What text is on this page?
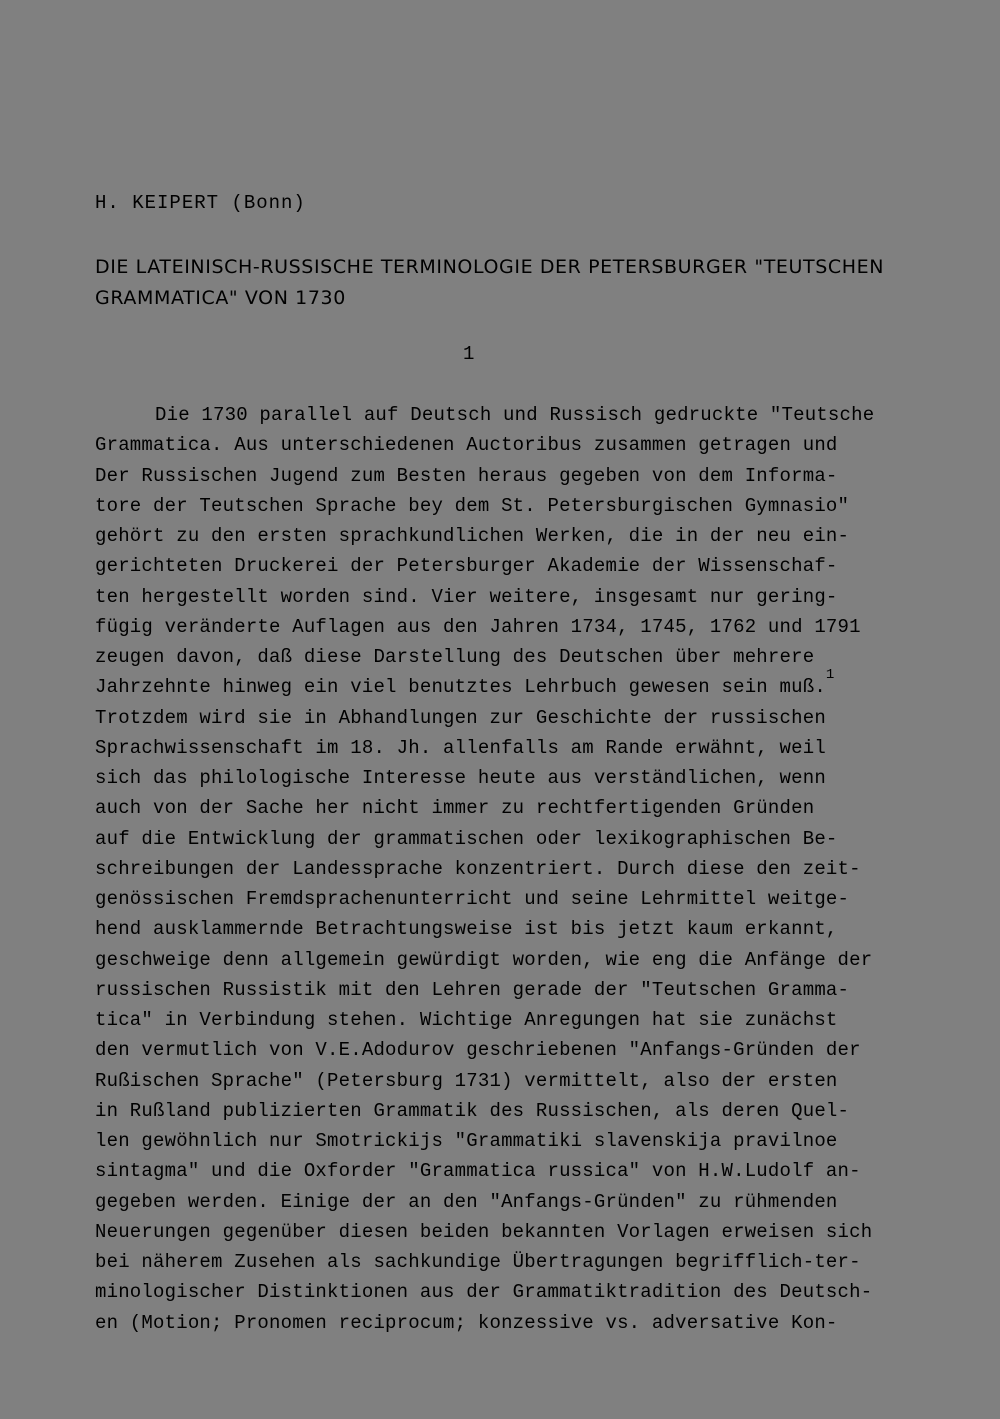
H. KEIPERT (Bonn)
DIE LATEINISCH-RUSSISCHE TERMINOLOGIE DER PETERSBURGER "TEUTSCHEN
GRAMMATICA" VON 1730
1
Die 1730 parallel auf Deutsch und Russisch gedruckte "Teutsche
Grammatica. Aus unterschiedenen Auctoribus zusammen getragen und
Der Russischen Jugend zum Besten heraus gegeben von dem Informa-
tore der Teutschen Sprache bey dem St. Petersburgischen Gymnasio"
gehört zu den ersten sprachkundlichen Werken, die in der neu ein-
gerichteten Druckerei der Petersburger Akademie der Wissenschaf-
ten hergestellt worden sind. Vier weitere, insgesamt nur gering-
fügig veränderte Auflagen aus den Jahren 1734, 1745, 1762 und 1791
zeugen davon, daß diese Darstellung des Deutschen über mehrere
Jahrzehnte hinweg ein viel benutztes Lehrbuch gewesen sein muß.$^1$
Trotzdem wird sie in Abhandlungen zur Geschichte der russischen
Sprachwissenschaft im 18. Jh. allenfalls am Rande erwähnt, weil
sich das philologische Interesse heute aus verständlichen, wenn
auch von der Sache her nicht immer zu rechtfertigenden Gründen
auf die Entwicklung der grammatischen oder lexikographischen Be-
schreibungen der Landessprache konzentriert. Durch diese den zeit-
genössischen Fremdsprachenunterricht und seine Lehrmittel weitge-
hend ausklammernde Betrachtungsweise ist bis jetzt kaum erkannt,
geschweige denn allgemein gewürdigt worden, wie eng die Anfänge der
russischen Russistik mit den Lehren gerade der "Teutschen Gramma-
tica" in Verbindung stehen. Wichtige Anregungen hat sie zunächst
den vermutlich von V.E.Adodurov geschriebenen "Anfangs-Gründen der
Rußischen Sprache" (Petersburg 1731) vermittelt, also der ersten
in Rußland publizierten Grammatik des Russischen, als deren Quel-
len gewöhnlich nur Smotrickijs "Grammatiki slavenskija pravilnoe
sintagma" und die Oxforder "Grammatica russica" von H.W.Ludolf an-
gegeben werden. Einige der an den "Anfangs-Gründen" zu rühmenden
Neuerungen gegenüber diesen beiden bekannten Vorlagen erweisen sich
bei näherem Zusehen als sachkundige Übertragungen begrifflich-ter-
minologischer Distinktionen aus der Grammatiktradition des Deutsch-
en (Motion; Pronomen reciprocum; konzessive vs. adversative Kon-
